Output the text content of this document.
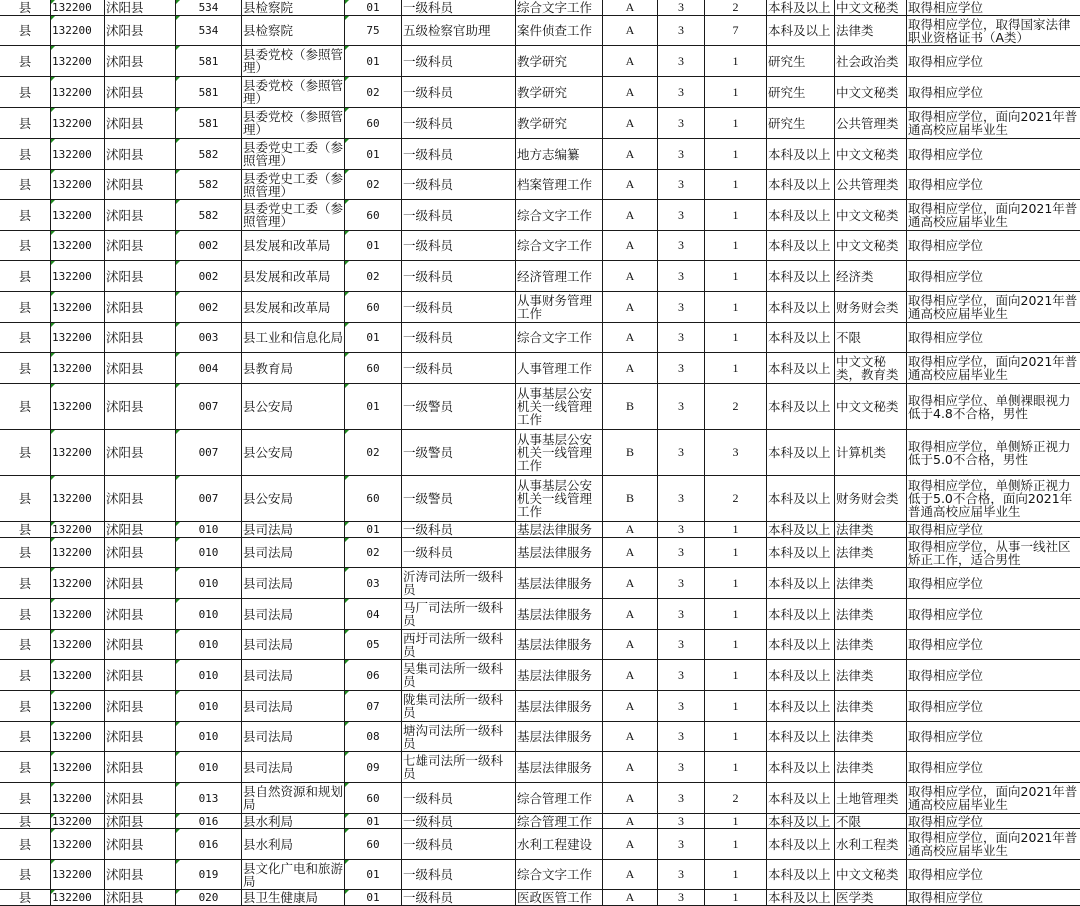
县	132200	沭阳县	534	县检察院	01	一级科员	综合文字工作	A	3	2	本科及以上	中文文秘类	取得相应学位
县	132200	沭阳县	534	县检察院	75	五级检察官助理	案件侦查工作	A	3	7	本科及以上	法律类	取得相应学位，取得国家法律职业资格证书（A类）
县	132200	沭阳县	581	县委党校（参照管理）	01	一级科员	教学研究	A	3	1	研究生	社会政治类	取得相应学位
县	132200	沭阳县	581	县委党校（参照管理）	02	一级科员	教学研究	A	3	1	研究生	中文文秘类	取得相应学位
县	132200	沭阳县	581	县委党校（参照管理）	60	一级科员	教学研究	A	3	1	研究生	公共管理类	取得相应学位，面向2021年普通高校应届毕业生
县	132200	沭阳县	582	县委党史工委（参照管理）	01	一级科员	地方志编纂	A	3	1	本科及以上	中文文秘类	取得相应学位
县	132200	沭阳县	582	县委党史工委（参照管理）	02	一级科员	档案管理工作	A	3	1	本科及以上	公共管理类	取得相应学位
县	132200	沭阳县	582	县委党史工委（参照管理）	60	一级科员	综合文字工作	A	3	1	本科及以上	中文文秘类	取得相应学位，面向2021年普通高校应届毕业生
县	132200	沭阳县	002	县发展和改革局	01	一级科员	综合文字工作	A	3	1	本科及以上	中文文秘类	取得相应学位
县	132200	沭阳县	002	县发展和改革局	02	一级科员	经济管理工作	A	3	1	本科及以上	经济类	取得相应学位
县	132200	沭阳县	002	县发展和改革局	60	一级科员	从事财务管理工作	A	3	1	本科及以上	财务财会类	取得相应学位，面向2021年普通高校应届毕业生
县	132200	沭阳县	003	县工业和信息化局	01	一级科员	综合文字工作	A	3	1	本科及以上	不限	取得相应学位
县	132200	沭阳县	004	县教育局	60	一级科员	人事管理工作	A	3	1	本科及以上	中文文秘类，教育类	取得相应学位，面向2021年普通高校应届毕业生
县	132200	沭阳县	007	县公安局	01	一级警员	从事基层公安机关一线管理工作	B	3	2	本科及以上	中文文秘类	取得相应学位、单侧裸眼视力低于4.8不合格，男性
县	132200	沭阳县	007	县公安局	02	一级警员	从事基层公安机关一线管理工作	B	3	3	本科及以上	计算机类	取得相应学位，单侧矫正视力低于5.0不合格，男性
县	132200	沭阳县	007	县公安局	60	一级警员	从事基层公安机关一线管理工作	B	3	2	本科及以上	财务财会类	取得相应学位，单侧矫正视力低于5.0不合格，面向2021年普通高校应届毕业生
县	132200	沭阳县	010	县司法局	01	一级科员	基层法律服务	A	3	1	本科及以上	法律类	取得相应学位
县	132200	沭阳县	010	县司法局	02	一级科员	基层法律服务	A	3	1	本科及以上	法律类	取得相应学位，从事一线社区矫正工作，适合男性
县	132200	沭阳县	010	县司法局	03	沂涛司法所一级科员	基层法律服务	A	3	1	本科及以上	法律类	取得相应学位
县	132200	沭阳县	010	县司法局	04	马厂司法所一级科员	基层法律服务	A	3	1	本科及以上	法律类	取得相应学位
县	132200	沭阳县	010	县司法局	05	西圩司法所一级科员	基层法律服务	A	3	1	本科及以上	法律类	取得相应学位
县	132200	沭阳县	010	县司法局	06	吴集司法所一级科员	基层法律服务	A	3	1	本科及以上	法律类	取得相应学位
县	132200	沭阳县	010	县司法局	07	陇集司法所一级科员	基层法律服务	A	3	1	本科及以上	法律类	取得相应学位
县	132200	沭阳县	010	县司法局	08	塘沟司法所一级科员	基层法律服务	A	3	1	本科及以上	法律类	取得相应学位
县	132200	沭阳县	010	县司法局	09	七雄司法所一级科员	基层法律服务	A	3	1	本科及以上	法律类	取得相应学位
县	132200	沭阳县	013	县自然资源和规划局	60	一级科员	综合管理工作	A	3	2	本科及以上	土地管理类	取得相应学位，面向2021年普通高校应届毕业生
县	132200	沭阳县	016	县水利局	01	一级科员	综合管理工作	A	3	1	本科及以上	不限	取得相应学位
县	132200	沭阳县	016	县水利局	60	一级科员	水利工程建设	A	3	1	本科及以上	水利工程类	取得相应学位，面向2021年普通高校应届毕业生
县	132200	沭阳县	019	县文化广电和旅游局	01	一级科员	综合文字工作	A	3	1	本科及以上	中文文秘类	取得相应学位
县	132200	沭阳县	020	县卫生健康局	01	一级科员	医政医管工作	A	3	1	本科及以上	医学类	取得相应学位
